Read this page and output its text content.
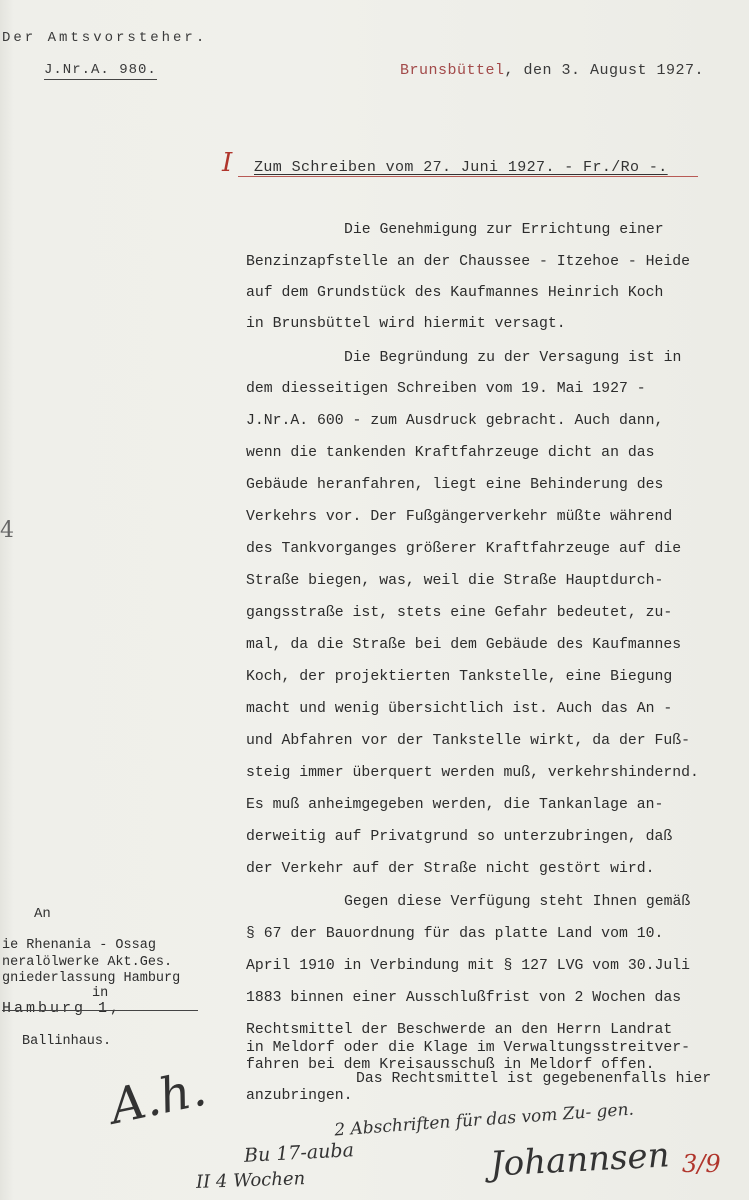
Der Amtsvorsteher.
J.Nr.A. 980.	Brunsbüttel, den 3. August 1927.
I Zum Schreiben vom 27. Juni 1927. - Fr./Ro -.
4
Die Genehmigung zur Errichtung einer
Benzinzapfstelle an der Chaussee - Itzehoe - Heide
auf dem Grundstück des Kaufmannes Heinrich Koch
in Brunsbüttel wird hiermit versagt.
Die Begründung zu der Versagung ist in
dem diesseitigen Schreiben vom 19. Mai 1927 -
J.Nr.A. 600 - zum Ausdruck gebracht. Auch dann,
wenn die tankenden Kraftfahrzeuge dicht an das
Gebäude heranfahren, liegt eine Behinderung des
Verkehrs vor. Der Fußgängerverkehr müßte während
des Tankvorganges größerer Kraftfahrzeuge auf die
Straße biegen, was, weil die Straße Hauptdurch-
gangsstraße ist, stets eine Gefahr bedeutet, zu-
mal, da die Straße bei dem Gebäude des Kaufmannes
Koch, der projektierten Tankstelle, eine Biegung
macht und wenig übersichtlich ist. Auch das An -
und Abfahren vor der Tankstelle wirkt, da der Fuß-
steig immer überquert werden muß, verkehrshindernd.
Es muß anheimgegeben werden, die Tankanlage an-
derweitig auf Privatgrund so unterzubringen, daß
der Verkehr auf der Straße nicht gestört wird.
Gegen diese Verfügung steht Ihnen gemäß
§ 67 der Bauordnung für das platte Land vom 10.
April 1910 in Verbindung mit § 127 LVG vom 30.Juli
1883 binnen einer Ausschlußfrist von 2 Wochen das
Rechtsmittel der Beschwerde an den Herrn Landrat
in Meldorf oder die Klage im Verwaltungsstreitver-
fahren bei dem Kreisausschuß in Meldorf offen.
Das Rechtsmittel ist gegebenenfalls hier
anzubringen.
An
ie Rhenania - Ossag
neralölwerke Akt.Ges.
gniederlassung Hamburg
in
Hamburg 1,
Ballinhaus.
A.h.	2 Abschriften für das vom Zu- gen.
Bu 17-auba
II 4 Wochen	Johannsen 3/9
